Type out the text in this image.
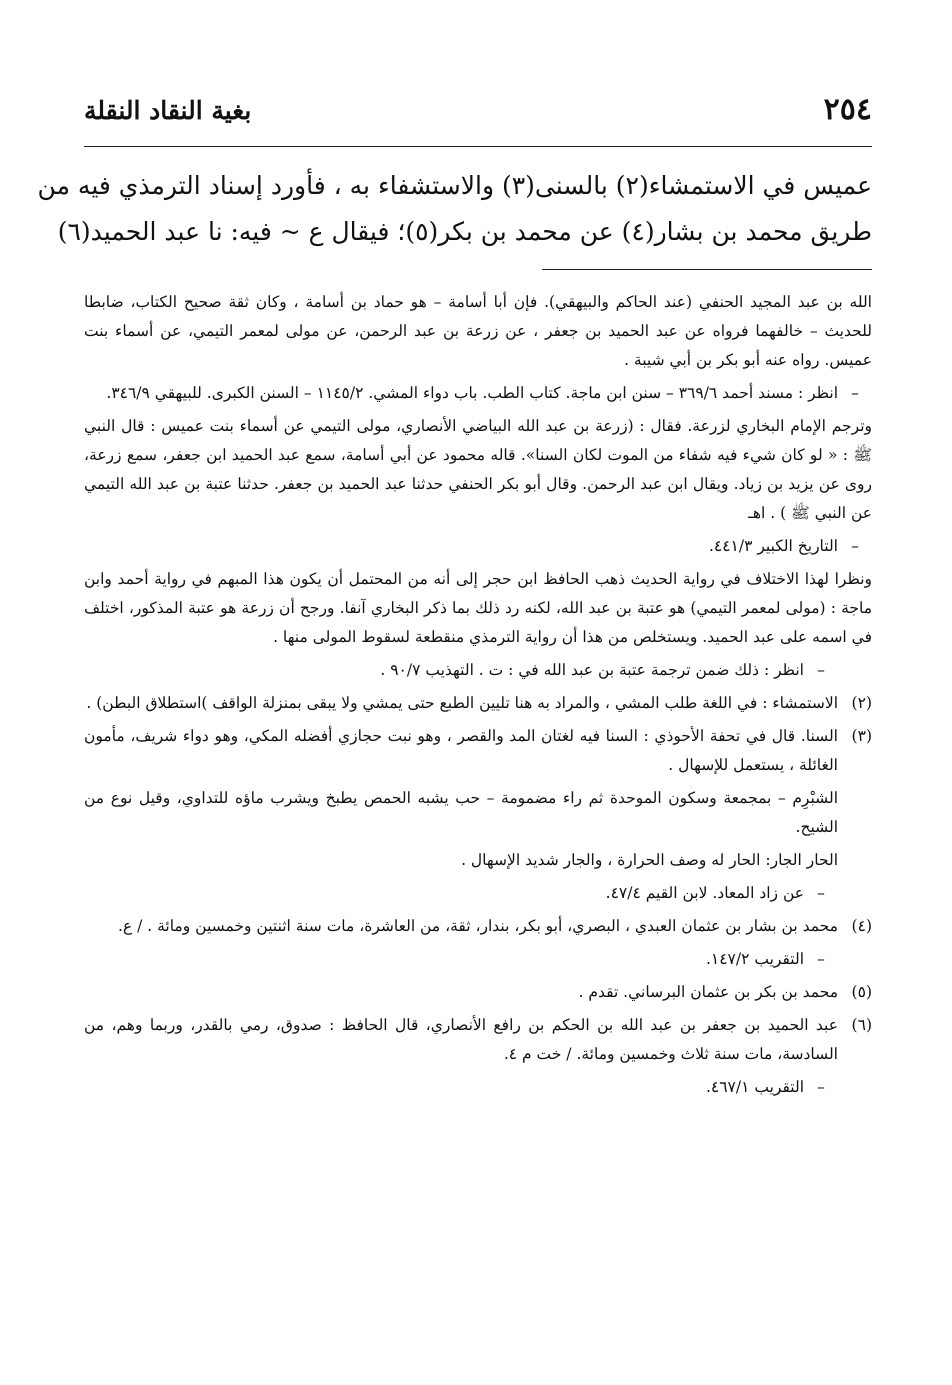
٢٥٤
بغية النقاد النقلة
عميس في الاستمشاء(٢) بالسنى(٣) والاستشفاء به ، فأورد إسناد الترمذي فيه من
طريق محمد بن بشار(٤) عن محمد بن بكر(٥)؛ فيقال ع ~ فيه: نا عبد الحميد(٦)

الله بن عبد المجيد الحنفي (عند الحاكم والبيهقي). فإن أبا أسامة – هو حماد بن أسامة ، وكان ثقة صحيح الكتاب، ضابطا للحديث – خالفهما فرواه عن عبد الحميد بن جعفر ، عن زرعة بن عبد الرحمن، عن مولى لمعمر التيمي، عن أسماء بنت عميس. رواه عنه أبو بكر بن أبي شيبة .

–
انظر : مسند أحمد ٣٦٩/٦ – سنن ابن ماجة. كتاب الطب. باب دواء المشي. ١١٤٥/٢ – السنن الكبرى. للبيهقي ٣٤٦/٩.

وترجم الإمام البخاري لزرعة. فقال : (زرعة بن عبد الله البياضي الأنصاري، مولى التيمي عن أسماء بنت عميس : قال النبي ﷺ : « لو كان شيء فيه شفاء من الموت لكان السنا». قاله محمود عن أبي أسامة، سمع عبد الحميد ابن جعفر، سمع زرعة، روى عن يزيد بن زياد. ويقال ابن عبد الرحمن. وقال أبو بكر الحنفي حدثنا عبد الحميد بن جعفر. حدثنا عتبة بن عبد الله التيمي عن النبي ﷺ ) . اهـ

–
التاريخ الكبير ٤٤١/٣.

ونظرا لهذا الاختلاف في رواية الحديث ذهب الحافظ ابن حجر إلى أنه من المحتمل أن يكون هذا المبهم في رواية أحمد وابن ماجة : (مولى لمعمر التيمي) هو عتبة بن عبد الله، لكنه رد ذلك بما ذكر البخاري آنفا. ورجح أن زرعة هو عتبة المذكور، اختلف في اسمه على عبد الحميد. ويستخلص من هذا أن رواية الترمذي منقطعة لسقوط المولى منها .

–
انظر : ذلك ضمن ترجمة عتبة بن عبد الله في : ت . التهذيب ٩٠/٧ .
(٢)
الاستمشاء : في اللغة طلب المشي ، والمراد به هنا تليين الطبع حتى يمشي ولا يبقى بمنزلة الواقف )استطلاق البطن) .
(٣)
السنا. قال في تحفة الأحوذي : السنا فيه لغتان المد والقصر ، وهو نبت حجازي أفضله المكي، وهو دواء شريف، مأمون الغائلة ، يستعمل للإسهال .

الشبْرِم – بمجمعة وسكون الموحدة ثم راء مضمومة – حب يشبه الحمص يطبخ ويشرب ماؤه للتداوي، وقيل نوع من الشيح.

الحار الجار: الحار له وصف الحرارة ، والجار شديد الإسهال .

–
عن زاد المعاد. لابن القيم ٤٧/٤.
(٤)
محمد بن بشار بن عثمان العبدي ، البصري، أبو بكر، بندار، ثقة، من العاشرة، مات سنة اثنتين وخمسين ومائة . / ع.
–
التقريب ١٤٧/٢.
(٥)
محمد بن بكر بن عثمان البرساني. تقدم .
(٦)
عبد الحميد بن جعفر بن عبد الله بن الحكم بن رافع الأنصاري، قال الحافظ : صدوق، رمي بالقدر، وربما وهم، من السادسة، مات سنة ثلاث وخمسين ومائة. / خت م ٤.
–
التقريب ٤٦٧/١.
